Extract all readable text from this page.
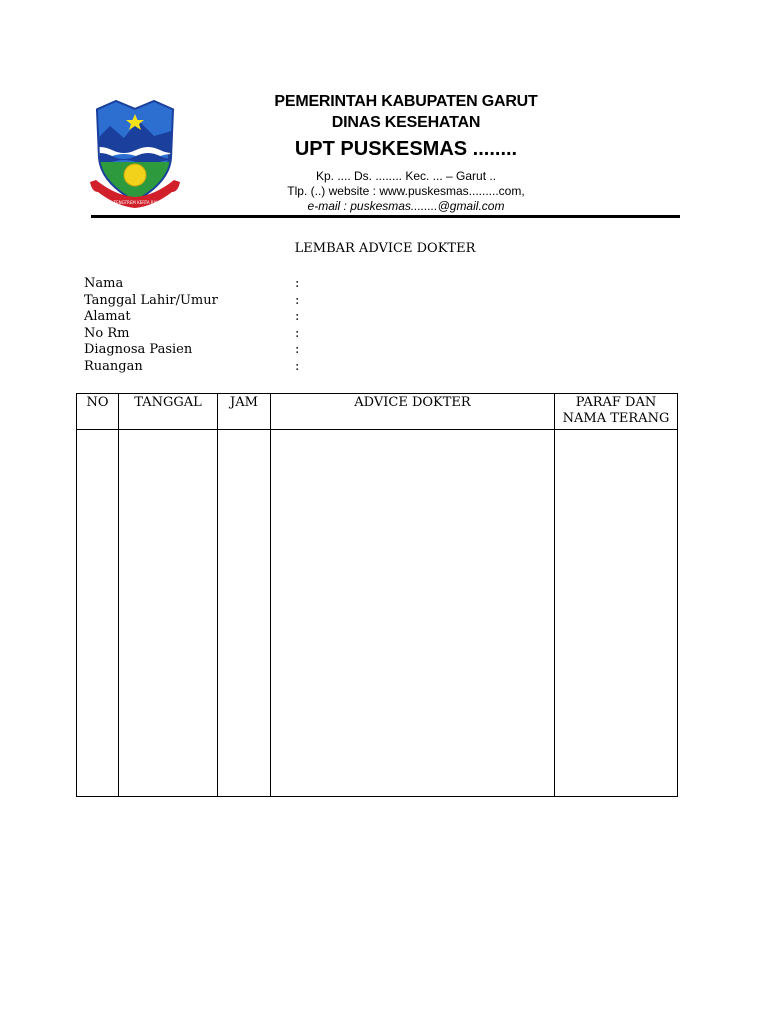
TATA TENGTREM KERTA RAHAYU
PEMERINTAH KABUPATEN GARUT
DINAS KESEHATAN
UPT PUSKESMAS ........
Kp. .... Ds. ........ Kec. ... – Garut ..
Tlp. (..) website : www.puskesmas.........com,
e-mail : puskesmas........@gmail.com
LEMBAR ADVICE DOKTER
Nama	:
Tanggal Lahir/Umur	:
Alamat	:
No Rm	:
Diagnosa Pasien	:
Ruangan	:
NO	TANGGAL	JAM	ADVICE DOKTER	PARAF DAN
NAMA TERANG
